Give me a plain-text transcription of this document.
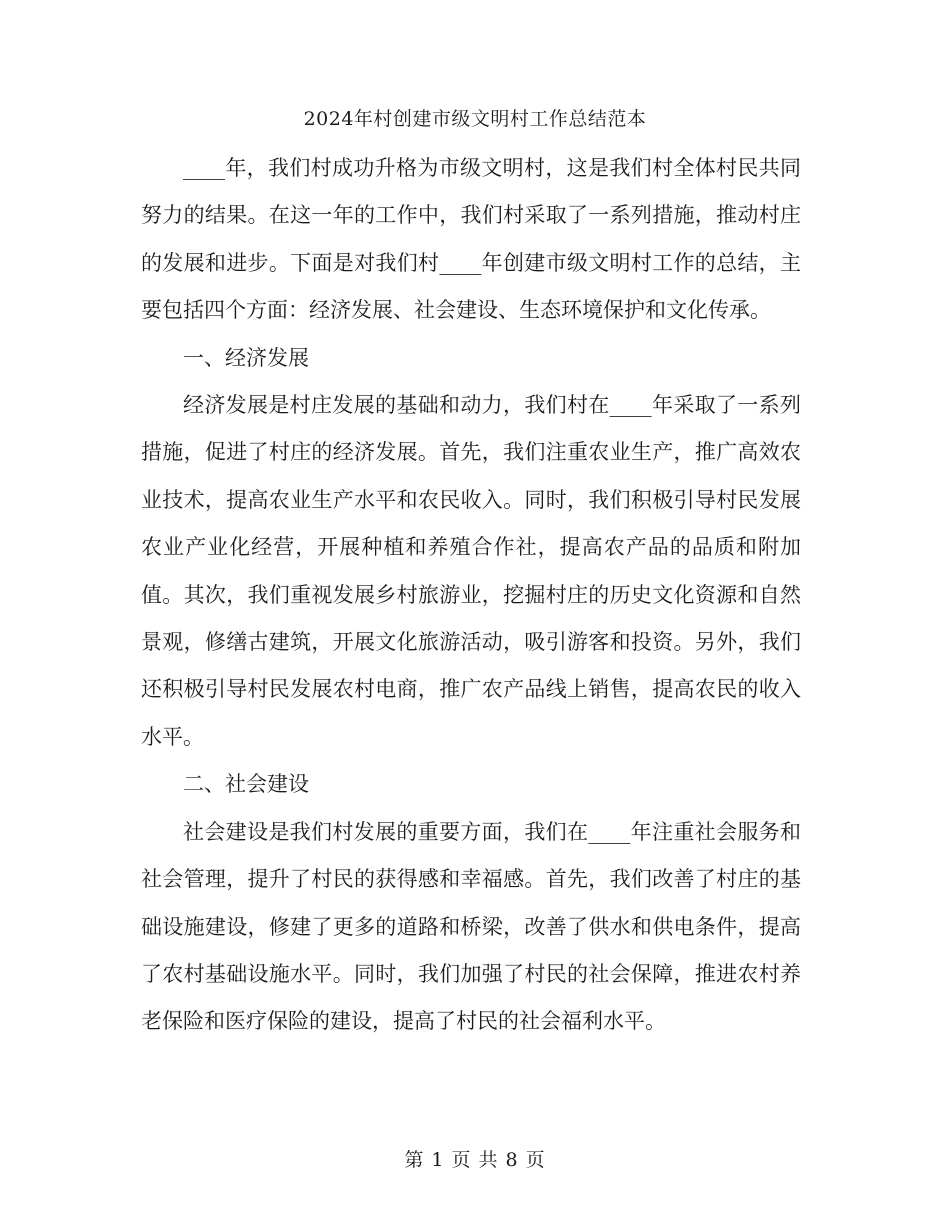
2024年村创建市级文明村工作总结范本

____年，我们村成功升格为市级文明村，这是我们村全体村民共同努力的结果。在这一年的工作中，我们村采取了一系列措施，推动村庄的发展和进步。下面是对我们村____年创建市级文明村工作的总结，主要包括四个方面：经济发展、社会建设、生态环境保护和文化传承。

一、经济发展

经济发展是村庄发展的基础和动力，我们村在____年采取了一系列措施，促进了村庄的经济发展。首先，我们注重农业生产，推广高效农业技术，提高农业生产水平和农民收入。同时，我们积极引导村民发展农业产业化经营，开展种植和养殖合作社，提高农产品的品质和附加值。其次，我们重视发展乡村旅游业，挖掘村庄的历史文化资源和自然景观，修缮古建筑，开展文化旅游活动，吸引游客和投资。另外，我们还积极引导村民发展农村电商，推广农产品线上销售，提高农民的收入水平。

二、社会建设

社会建设是我们村发展的重要方面，我们在____年注重社会服务和社会管理，提升了村民的获得感和幸福感。首先，我们改善了村庄的基础设施建设，修建了更多的道路和桥梁，改善了供水和供电条件，提高了农村基础设施水平。同时，我们加强了村民的社会保障，推进农村养老保险和医疗保险的建设，提高了村民的社会福利水平。

第 1 页 共 8 页
